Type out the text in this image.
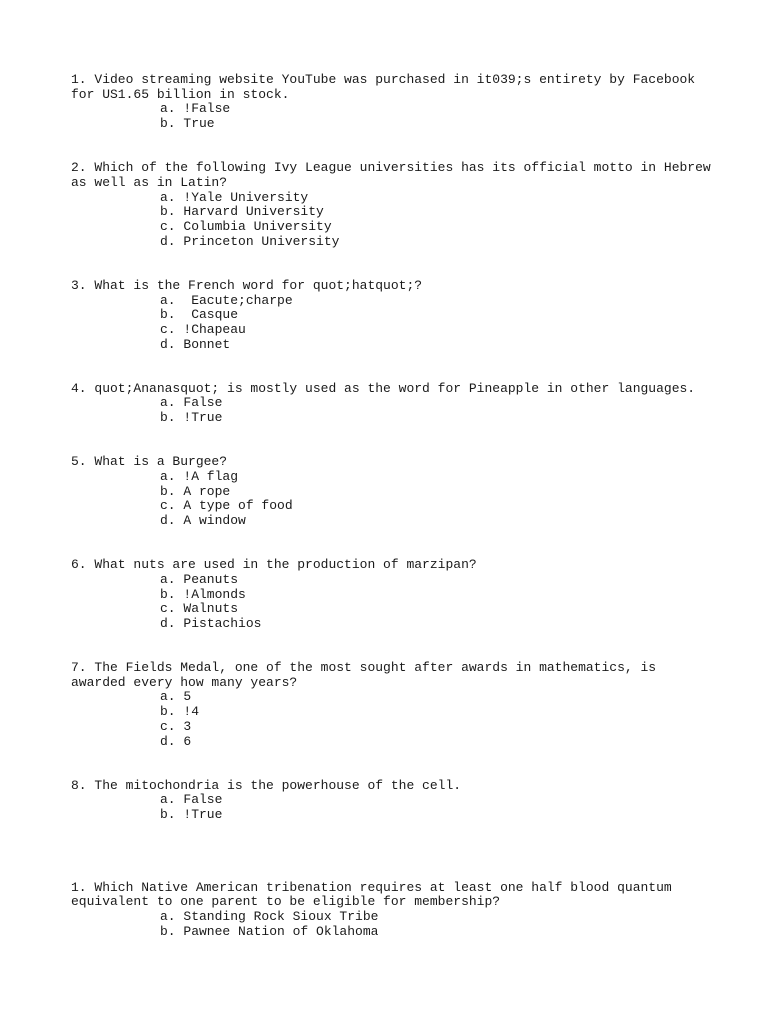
1. Video streaming website YouTube was purchased in it039;s entirety by Facebook for US1.65 billion in stock.

a. !False
b. True

2. Which of the following Ivy League universities has its official motto in Hebrew as well as in Latin?

a. !Yale University
b. Harvard University
c. Columbia University
d. Princeton University

3. What is the French word for quot;hatquot;?

a.  Eacute;charpe
b.  Casque
c. !Chapeau
d. Bonnet

4. quot;Ananasquot; is mostly used as the word for Pineapple in other languages.

a. False
b. !True

5. What is a Burgee?

a. !A flag
b. A rope
c. A type of food
d. A window

6. What nuts are used in the production of marzipan?

a. Peanuts
b. !Almonds
c. Walnuts
d. Pistachios

7. The Fields Medal, one of the most sought after awards in mathematics, is awarded every how many years?

a. 5
b. !4
c. 3
d. 6

8. The mitochondria is the powerhouse of the cell.

a. False
b. !True

1. Which Native American tribenation requires at least one half blood quantum equivalent to one parent to be eligible for membership?

a. Standing Rock Sioux Tribe
b. Pawnee Nation of Oklahoma
